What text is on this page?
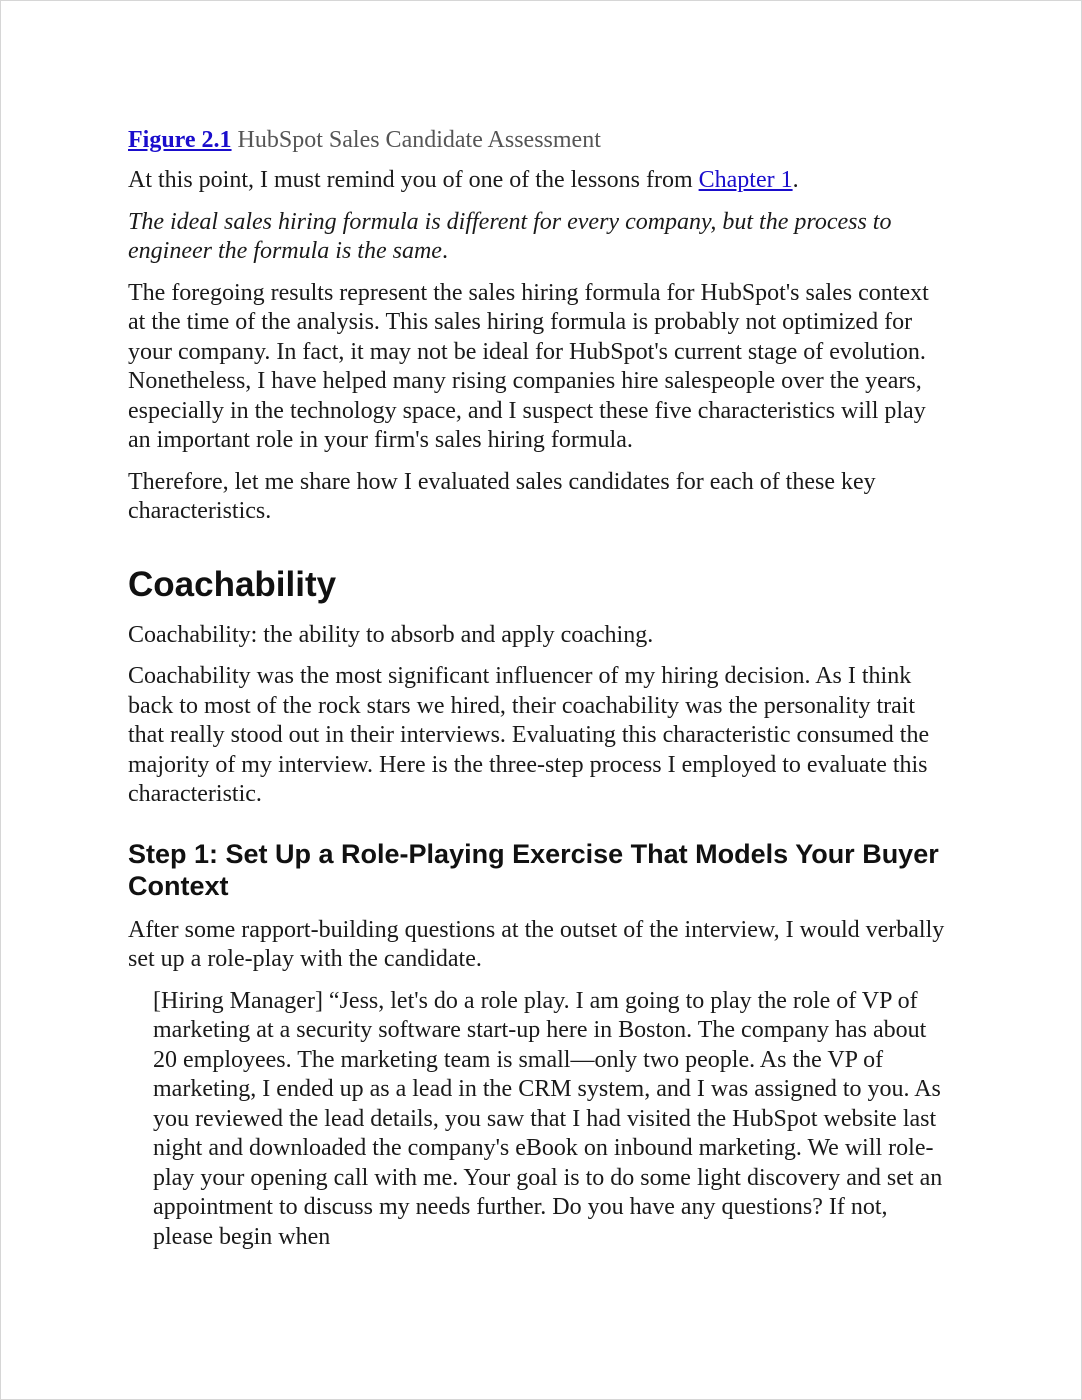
Figure 2.1 HubSpot Sales Candidate Assessment

At this point, I must remind you of one of the lessons from Chapter 1.

The ideal sales hiring formula is different for every company, but the process to engineer the formula is the same.

The foregoing results represent the sales hiring formula for HubSpot's sales context at the time of the analysis. This sales hiring formula is probably not optimized for your company. In fact, it may not be ideal for HubSpot's current stage of evolution. Nonetheless, I have helped many rising companies hire salespeople over the years, especially in the technology space, and I suspect these five characteristics will play an important role in your firm's sales hiring formula.

Therefore, let me share how I evaluated sales candidates for each of these key characteristics.

Coachability

Coachability: the ability to absorb and apply coaching.

Coachability was the most significant influencer of my hiring decision. As I think back to most of the rock stars we hired, their coachability was the personality trait that really stood out in their interviews. Evaluating this characteristic consumed the majority of my interview. Here is the three-step process I employed to evaluate this characteristic.

Step 1: Set Up a Role-Playing Exercise That Models Your Buyer Context

After some rapport-building questions at the outset of the interview, I would verbally set up a role-play with the candidate.

[Hiring Manager] “Jess, let's do a role play. I am going to play the role of VP of marketing at a security software start-up here in Boston. The company has about 20 employees. The marketing team is small—only two people. As the VP of marketing, I ended up as a lead in the CRM system, and I was assigned to you. As you reviewed the lead details, you saw that I had visited the HubSpot website last night and downloaded the company's eBook on inbound marketing. We will role-play your opening call with me. Your goal is to do some light discovery and set an appointment to discuss my needs further. Do you have any questions? If not, please begin when
